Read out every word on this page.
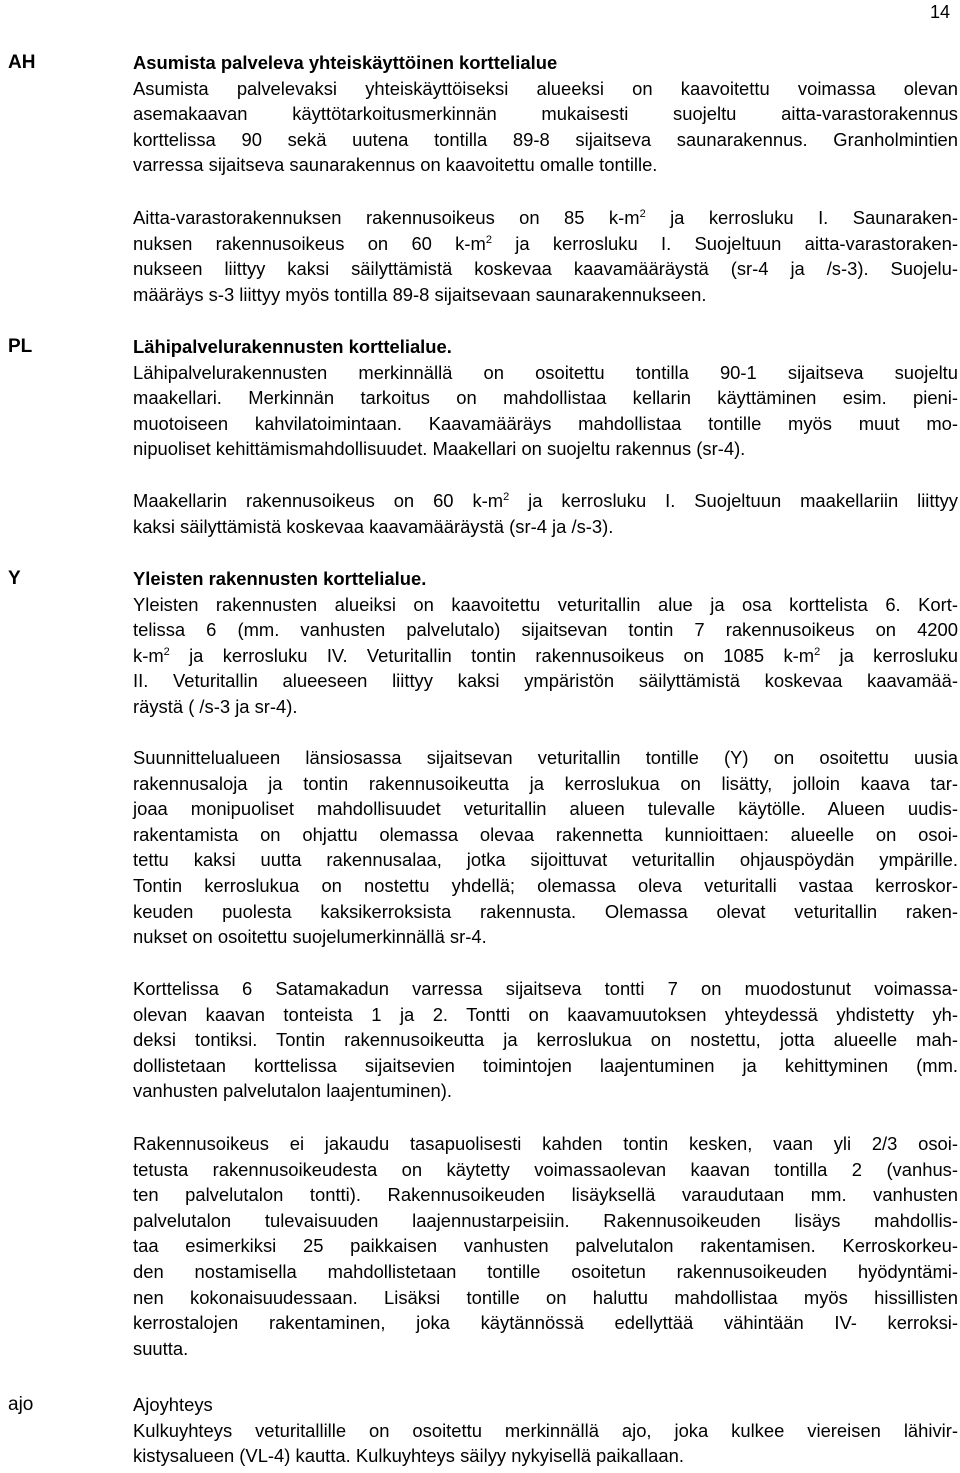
14
AH	Asumista palveleva yhteiskäyttöinen korttelialue
Asumista palvelevaksi yhteiskäyttöiseksi alueeksi on kaavoitettu voimassa olevan
asemakaavan käyttötarkoitusmerkinnän mukaisesti suojeltu aitta-varastorakennus
korttelissa 90 sekä uutena tontilla 89-8 sijaitseva saunarakennus. Granholmintien
varressa sijaitseva saunarakennus on kaavoitettu omalle tontille.
Aitta-varastorakennuksen rakennusoikeus on 85 $k-m^2$ ja kerrosluku I. Saunaraken-
nuksen rakennusoikeus on 60 $k-m^2$ ja kerrosluku I. Suojeltuun aitta-varastoraken-
nukseen liittyy kaksi säilyttämistä koskevaa kaavamääräystä (sr-4 ja /s-3). Suojelu-
määräys s-3 liittyy myös tontilla 89-8 sijaitsevaan saunarakennukseen.
PL	Lähipalvelurakennusten korttelialue.
Lähipalvelurakennusten merkinnällä on osoitettu tontilla 90-1 sijaitseva suojeltu
maakellari. Merkinnän tarkoitus on mahdollistaa kellarin käyttäminen esim. pieni-
muotoiseen kahvilatoimintaan. Kaavamääräys mahdollistaa tontille myös muut mo-
nipuoliset kehittämismahdollisuudet. Maakellari on suojeltu rakennus (sr-4).
Maakellarin rakennusoikeus on 60 $k-m^2$ ja kerrosluku I. Suojeltuun maakellariin liittyy
kaksi säilyttämistä koskevaa kaavamääräystä (sr-4 ja /s-3).
Y	Yleisten rakennusten korttelialue.
Yleisten rakennusten alueiksi on kaavoitettu veturitallin alue ja osa korttelista 6. Kort-
telissa 6 (mm. vanhusten palvelutalo) sijaitsevan tontin 7 rakennusoikeus on 4200
$k-m^2$ ja kerrosluku IV. Veturitallin tontin rakennusoikeus on 1085 $k-m^2$ ja kerrosluku
II. Veturitallin alueeseen liittyy kaksi ympäristön säilyttämistä koskevaa kaavamää-
räystä ( /s-3 ja sr-4).
Suunnittelualueen länsiosassa sijaitsevan veturitallin tontille (Y) on osoitettu uusia
rakennusaloja ja tontin rakennusoikeutta ja kerroslukua on lisätty, jolloin kaava tar-
joaa monipuoliset mahdollisuudet veturitallin alueen tulevalle käytölle. Alueen uudis-
rakentamista on ohjattu olemassa olevaa rakennetta kunnioittaen: alueelle on osoi-
tettu kaksi uutta rakennusalaa, jotka sijoittuvat veturitallin ohjauspöydän ympärille.
Tontin kerroslukua on nostettu yhdellä; olemassa oleva veturitalli vastaa kerroskor-
keuden puolesta kaksikerroksista rakennusta. Olemassa olevat veturitallin raken-
nukset on osoitettu suojelumerkinnällä sr-4.
Korttelissa 6 Satamakadun varressa sijaitseva tontti 7 on muodostunut voimassa-
olevan kaavan tonteista 1 ja 2. Tontti on kaavamuutoksen yhteydessä yhdistetty yh-
deksi tontiksi. Tontin rakennusoikeutta ja kerroslukua on nostettu, jotta alueelle mah-
dollistetaan korttelissa sijaitsevien toimintojen laajentuminen ja kehittyminen (mm.
vanhusten palvelutalon laajentuminen).
Rakennusoikeus ei jakaudu tasapuolisesti kahden tontin kesken, vaan yli 2/3 osoi-
tetusta rakennusoikeudesta on käytetty voimassaolevan kaavan tontilla 2 (vanhus-
ten palvelutalon tontti). Rakennusoikeuden lisäyksellä varaudutaan mm. vanhusten
palvelutalon tulevaisuuden laajennustarpeisiin. Rakennusoikeuden lisäys mahdollis-
taa esimerkiksi 25 paikkaisen vanhusten palvelutalon rakentamisen. Kerroskorkeu-
den nostamisella mahdollistetaan tontille osoitetun rakennusoikeuden hyödyntämi-
nen kokonaisuudessaan. Lisäksi tontille on haluttu mahdollistaa myös hissillisten
kerrostalojen rakentaminen, joka käytännössä edellyttää vähintään IV- kerroksi-
suutta.
ajo	Ajoyhteys
Kulkuyhteys veturitallille on osoitettu merkinnällä ajo, joka kulkee viereisen lähivir-
kistysalueen (VL-4) kautta. Kulkuyhteys säilyy nykyisellä paikallaan.
